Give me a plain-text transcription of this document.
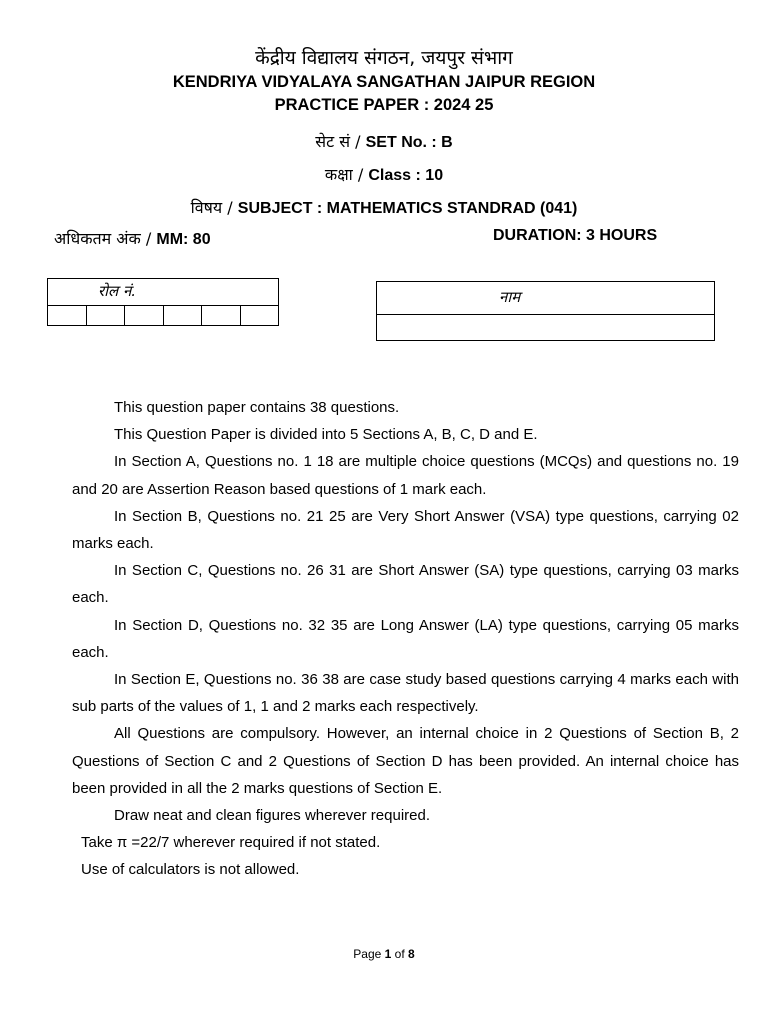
केंद्रीय विद्यालय संगठन, जयपुर संभाग
KENDRIYA VIDYALAYA SANGATHAN JAIPUR REGION
PRACTICE PAPER : 2024 25
सेट सं / SET No. : B
कक्षा / Class : 10
विषय / SUBJECT : MATHEMATICS STANDRAD (041)
अधिकतम अंक / MM: 80	DURATION: 3 HOURS
रोल नं.	नाम

This question paper contains 38 questions.

This Question Paper is divided into 5 Sections A, B, C, D and E.

In Section A, Questions no. 1 18 are multiple choice questions (MCQs) and questions no. 19 and 20 are Assertion Reason based questions of 1 mark each.

In Section B, Questions no. 21 25 are Very Short Answer (VSA) type questions, carrying 02 marks each.

In Section C, Questions no. 26 31 are Short Answer (SA) type questions, carrying 03 marks each.

In Section D, Questions no. 32 35 are Long Answer (LA) type questions, carrying 05 marks each.

In Section E, Questions no. 36 38 are case study based questions carrying 4 marks each with sub parts of the values of 1, 1 and 2 marks each respectively.

All Questions are compulsory. However, an internal choice in 2 Questions of Section B, 2 Questions of Section C and 2 Questions of Section D has been provided. An internal choice has been provided in all the 2 marks questions of Section E.

Draw neat and clean figures wherever required.

Take π =22/7 wherever required if not stated.

Use of calculators is not allowed.

Page 1 of 8
